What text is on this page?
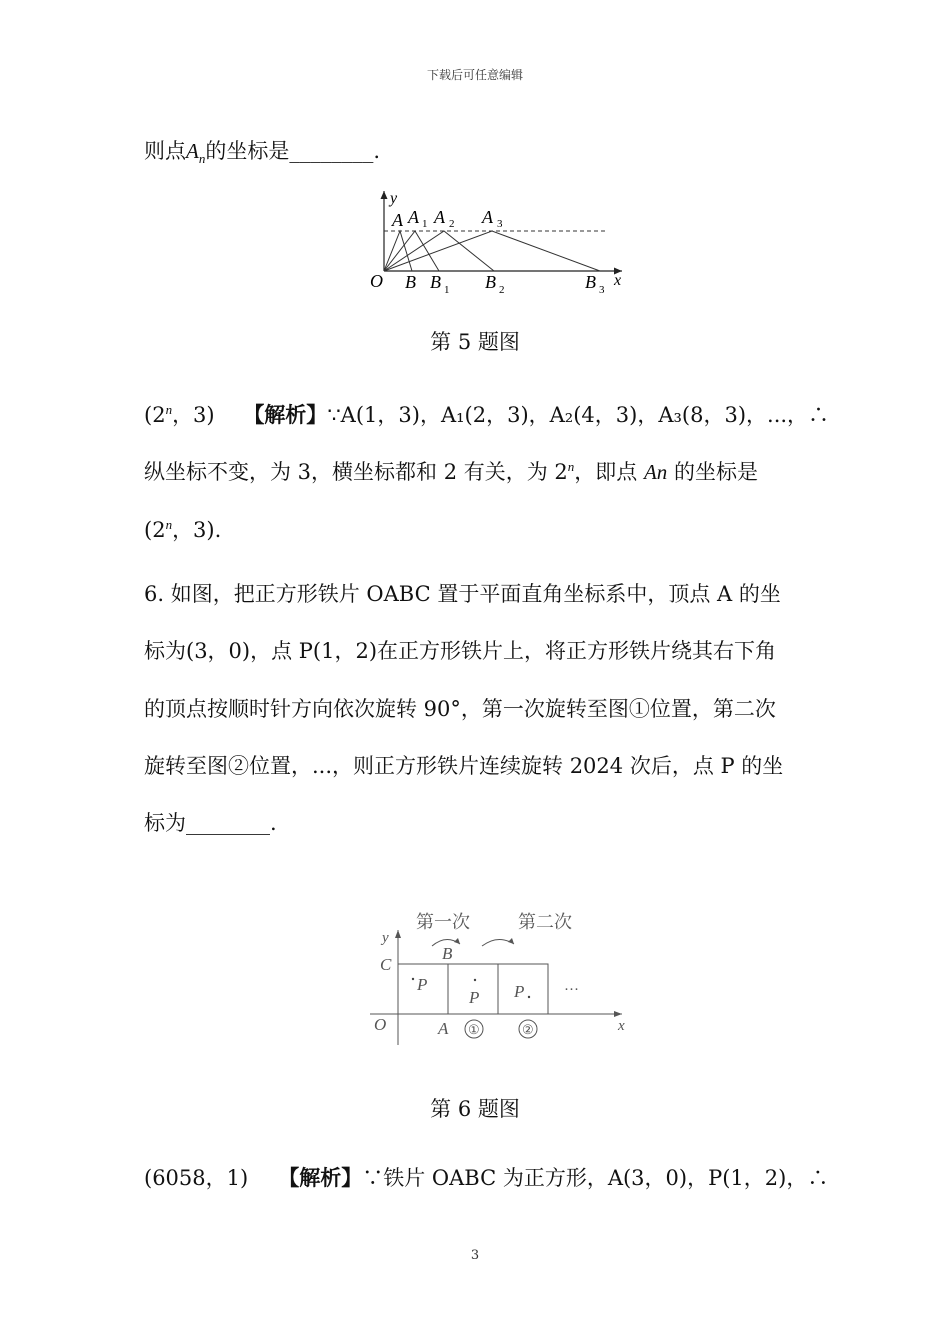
下载后可任意编辑
则点$A_n$的坐标是________.
y
x
O
A A 1 A 2 A 3
B B 1 B 2	B 3
第 5 题图
(2$^n$，3) 【解析】∵A(1，3)，A₁(2，3)，A₂(4，3)，A₃(8，3)，...，∴
纵坐标不变，为 3，横坐标都和 2 有关，为 2$^n$，即点 An 的坐标是
(2$^n$，3).
6. 如图，把正方形铁片 OABC 置于平面直角坐标系中，顶点 A 的坐
标为(3，0)，点 P(1，2)在正方形铁片上，将正方形铁片绕其右下角
的顶点按顺时针方向依次旋转 90°，第一次旋转至图①位置，第二次
旋转至图②位置，...，则正方形铁片连续旋转 2024 次后，点 P 的坐
标为________.
第一次	第二次
y
x
C
O	A
B
P
P P
①	②
···
第 6 题图
(6058，1) 【解析】∵铁片 OABC 为正方形，A(3，0)，P(1，2)，∴
3
